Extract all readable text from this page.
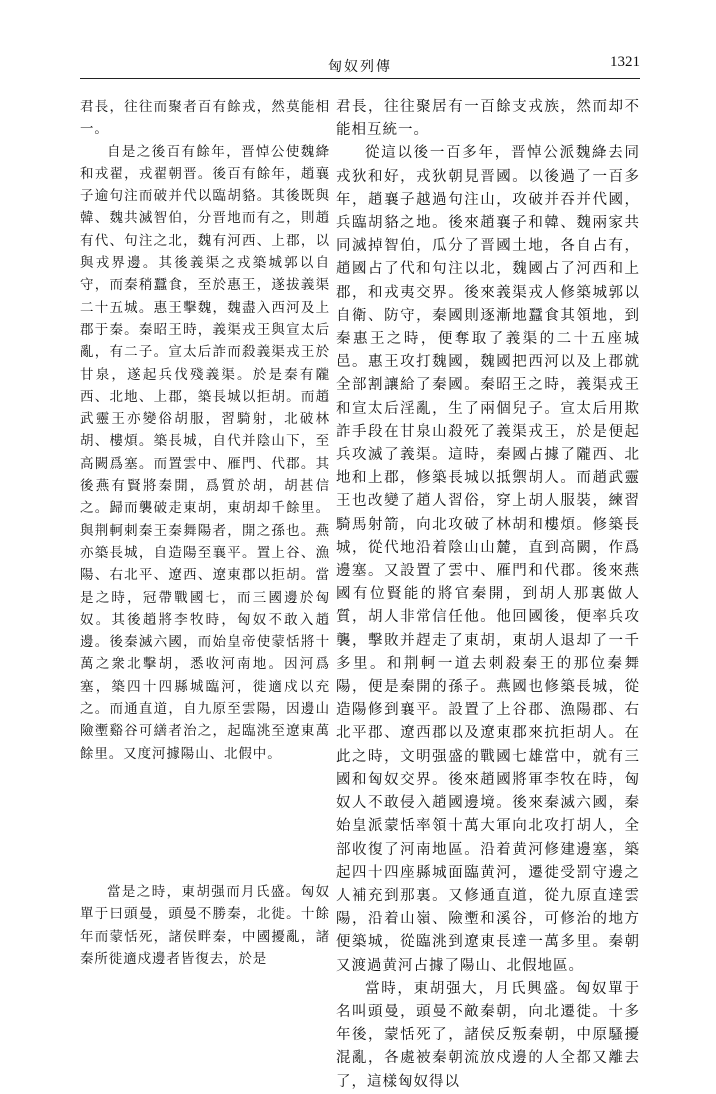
匈奴列傳	1321

君長，往往而聚者百有餘戎，然莫能相一。

自是之後百有餘年，晋悼公使魏絳和戎翟，戎翟朝晋。後百有餘年，趙襄子逾句注而破并代以臨胡貉。其後既與韓、魏共滅智伯，分晋地而有之，則趙有代、句注之北，魏有河西、上郡，以與戎界邊。其後義渠之戎築城郭以自守，而秦稍蠶食，至於惠王，遂拔義渠二十五城。惠王擊魏，魏盡入西河及上郡于秦。秦昭王時，義渠戎王與宣太后亂，有二子。宣太后詐而殺義渠戎王於甘泉，遂起兵伐殘義渠。於是秦有隴西、北地、上郡，築長城以拒胡。而趙武靈王亦變俗胡服，習騎射，北破林胡、樓煩。築長城，自代并陰山下，至高闕爲塞。而置雲中、雁門、代郡。其後燕有賢將秦開，爲質於胡，胡甚信之。歸而襲破走東胡，東胡却千餘里。與荆軻刺秦王秦舞陽者，開之孫也。燕亦築長城，自造陽至襄平。置上谷、漁陽、右北平、遼西、遼東郡以拒胡。當是之時，冠帶戰國七，而三國邊於匈奴。其後趙將李牧時，匈奴不敢入趙邊。後秦滅六國，而始皇帝使蒙恬將十萬之衆北擊胡，悉收河南地。因河爲塞，築四十四縣城臨河，徙適戍以充之。而通直道，自九原至雲陽，因邊山險壍谿谷可繕者治之，起臨洮至遼東萬餘里。又度河據陽山、北假中。

當是之時，東胡强而月氏盛。匈奴單于曰頭曼，頭曼不勝秦，北徙。十餘年而蒙恬死，諸侯畔秦，中國擾亂，諸秦所徙適戍邊者皆復去，於是

君長，往往聚居有一百餘支戎族，然而却不能相互統一。

從這以後一百多年，晋悼公派魏絳去同戎狄和好，戎狄朝見晋國。以後過了一百多年，趙襄子越過句注山，攻破并吞并代國，兵臨胡貉之地。後來趙襄子和韓、魏兩家共同滅掉智伯，瓜分了晋國土地，各自占有，趙國占了代和句注以北，魏國占了河西和上郡，和戎夷交界。後來義渠戎人修築城郭以自衛、防守，秦國則逐漸地蠶食其領地，到秦惠王之時，便奪取了義渠的二十五座城邑。惠王攻打魏國，魏國把西河以及上郡就全部割讓給了秦國。秦昭王之時，義渠戎王和宣太后淫亂，生了兩個兒子。宣太后用欺詐手段在甘泉山殺死了義渠戎王，於是便起兵攻滅了義渠。這時，秦國占據了隴西、北地和上郡，修築長城以抵禦胡人。而趙武靈王也改變了趙人習俗，穿上胡人服裝，練習騎馬射箭，向北攻破了林胡和樓煩。修築長城，從代地沿着陰山山麓，直到高闕，作爲邊塞。又設置了雲中、雁門和代郡。後來燕國有位賢能的將官秦開，到胡人那裏做人質，胡人非常信任他。他回國後，便率兵攻襲，擊敗并趕走了東胡，東胡人退却了一千多里。和荆軻一道去刺殺秦王的那位秦舞陽，便是秦開的孫子。燕國也修築長城，從造陽修到襄平。設置了上谷郡、漁陽郡、右北平郡、遼西郡以及遼東郡來抗拒胡人。在此之時，文明强盛的戰國七雄當中，就有三國和匈奴交界。後來趙國將軍李牧在時，匈奴人不敢侵入趙國邊境。後來秦滅六國，秦始皇派蒙恬率領十萬大軍向北攻打胡人，全部收復了河南地區。沿着黄河修建邊塞，築起四十四座縣城面臨黄河，遷徙受罰守邊之人補充到那裏。又修通直道，從九原直達雲陽，沿着山嶺、險壍和溪谷，可修治的地方便築城，從臨洮到遼東長達一萬多里。秦朝又渡過黄河占據了陽山、北假地區。

當時，東胡强大，月氏興盛。匈奴單于名叫頭曼，頭曼不敵秦朝，向北遷徙。十多年後，蒙恬死了，諸侯反叛秦朝，中原騷擾混亂，各處被秦朝流放戍邊的人全都又離去了，這樣匈奴得以
